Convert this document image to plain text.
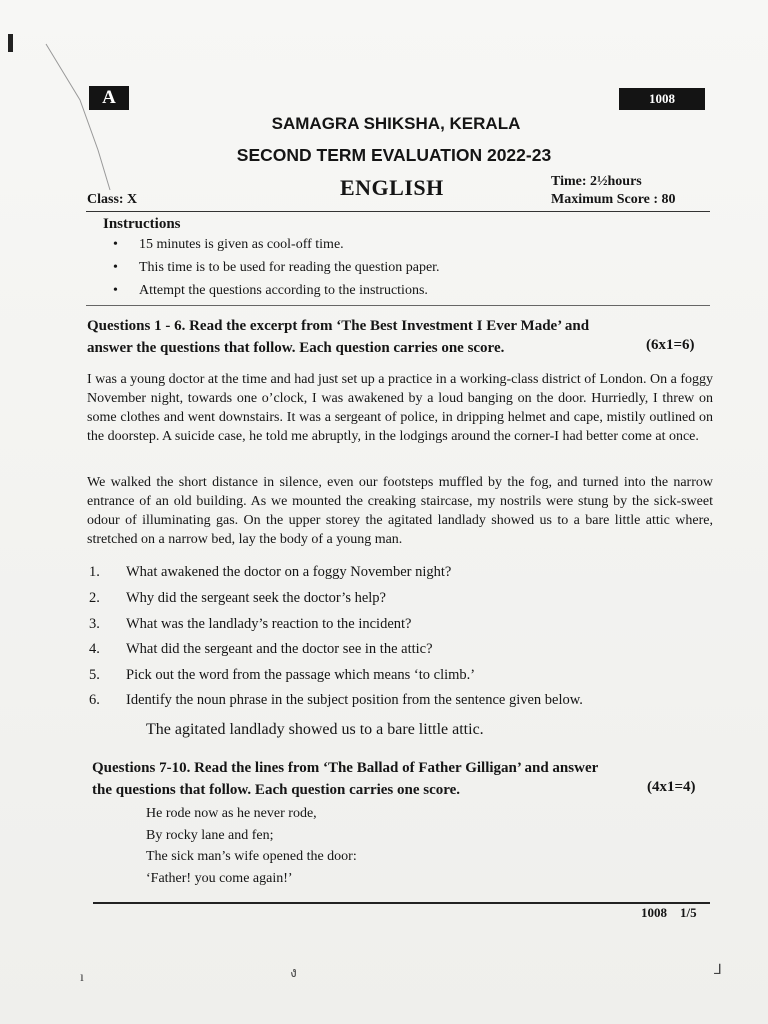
A	1008
SAMAGRA SHIKSHA, KERALA
SECOND TERM EVALUATION 2022-23
ENGLISH	Time: 2½hours
Maximum Score : 80
Class: X
Instructions
• 15 minutes is given as cool-off time.
• This time is to be used for reading the question paper.
• Attempt the questions according to the instructions.
Questions 1 - 6. Read the excerpt from ‘The Best Investment I Ever Made’ and
answer the questions that follow. Each question carries one score.	(6x1=6)
I was a young doctor at the time and had just set up a practice in a working-class district of London. On a foggy November night, towards one o’clock, I was awakened by a loud banging on the door. Hurriedly, I threw on some clothes and went downstairs. It was a sergeant of police, in dripping helmet and cape, mistily outlined on the doorstep. A suicide case, he told me abruptly, in the lodgings around the corner-I had better come at once.
We walked the short distance in silence, even our footsteps muffled by the fog, and turned into the narrow entrance of an old building. As we mounted the creaking staircase, my nostrils were stung by the sick-sweet odour of illuminating gas. On the upper storey the agitated landlady showed us to a bare little attic where, stretched on a narrow bed, lay the body of a young man.
1. What awakened the doctor on a foggy November night?
2. Why did the sergeant seek the doctor’s help?
3. What was the landlady’s reaction to the incident?
4. What did the sergeant and the doctor see in the attic?
5. Pick out the word from the passage which means ‘to climb.’
6. Identify the noun phrase in the subject position from the sentence given below.
The agitated landlady showed us to a bare little attic.
Questions 7-10. Read the lines from ‘The Ballad of Father Gilligan’ and answer
the questions that follow. Each question carries one score.	(4x1=4)
He rode now as he never rode,
By rocky lane and fen;
The sick man’s wife opened the door:
‘Father! you come again!’
1008    1/5
ı	ง	⅃
